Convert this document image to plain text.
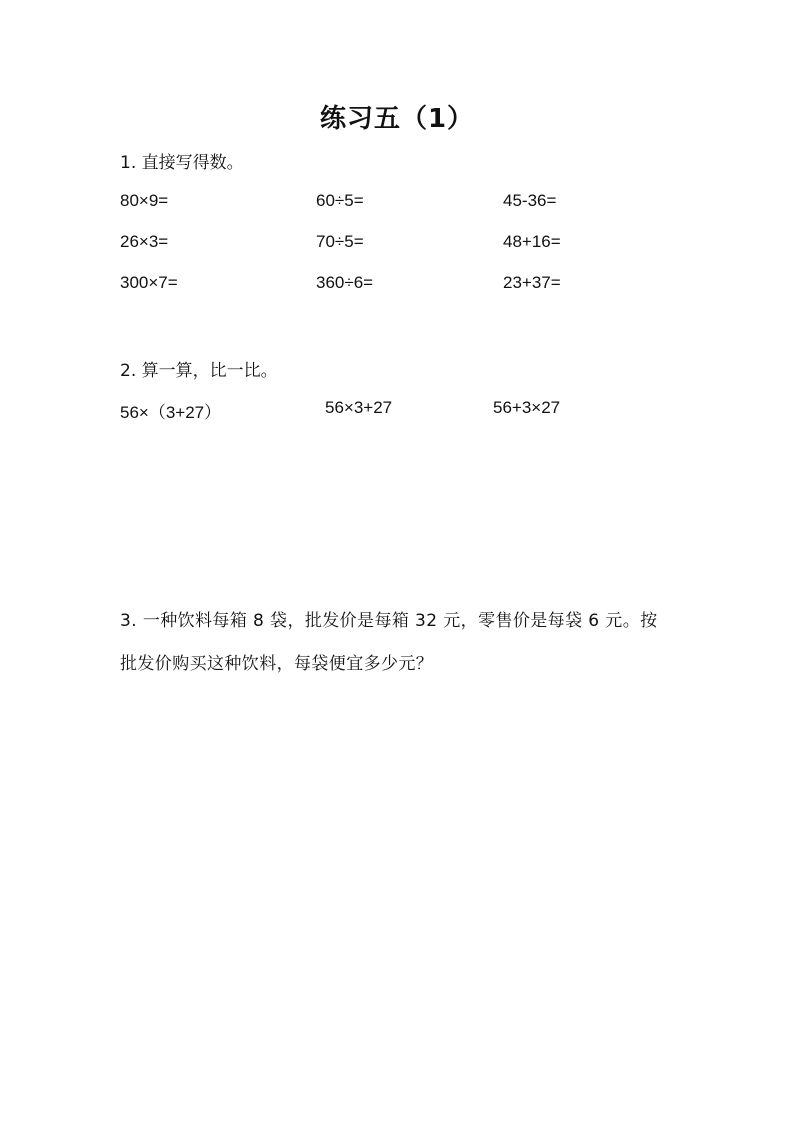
练习五（1）
1. 直接写得数。
80×9=	60÷5=	45-36=
26×3=	70÷5=	48+16=
300×7=	360÷6=	23+37=
2. 算一算，比一比。
56×（3+27）	56×3+27	56+3×27
3. 一种饮料每箱 8 袋，批发价是每箱 32 元，零售价是每袋 6 元。按
批发价购买这种饮料，每袋便宜多少元？
